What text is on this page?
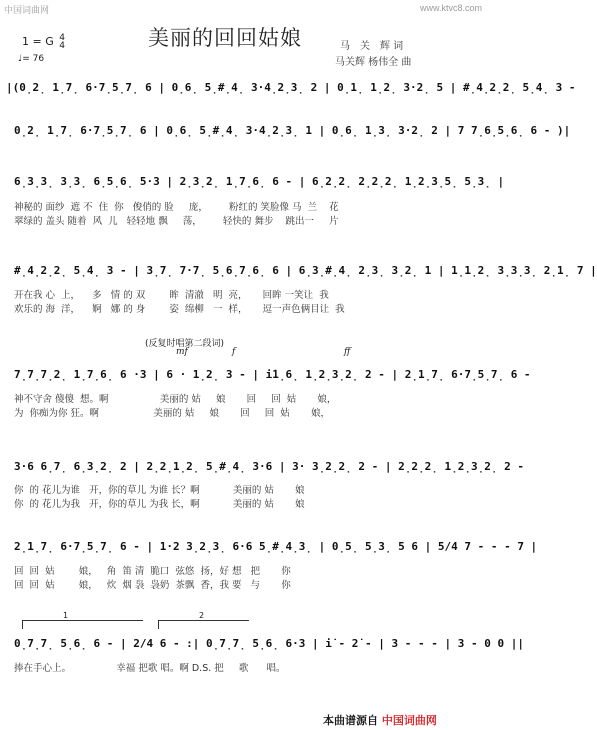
中国词曲网	www.ktvc8.com
美丽的回回姑娘
1 = G 4
4
♩= 76
马　关　辉 词
马关辉 杨伟全 曲
|(0̣2̣ 1̣7̣ 6·7̣5̣7̣ 6 | 0̣6̣ 5̣#̣4̣ 3·4̣2̣3̣ 2 | 0̣1̣ 1̣2̣ 3·2̣ 5 | #̣4̣2̣2̣ 5̣4̣ 3 -
0̣2̣ 1̣7̣ 6·7̣5̣7̣ 6 | 0̣6̣ 5̣#̣4̣ 3·4̣2̣3̣ 1 | 0̣6̣ 1̣3̣ 3·2̣ 2 | 7 7̣6̣5̣6̣ 6 - )|
6̣3̣3̣ 3̣3̣ 6̣5̣6̣ 5·3 | 2̣3̣2̣ 1̣7̣6̣ 6 - | 6̣2̣2̣ 2̣2̣2̣ 1̣2̣3̣5̣ 5̣3̣ |
神秘的 面纱  遮 不  住  你   俊俏的 脸     庞，       粉红的 笑脸像 马  兰    花
翠绿的 盖头 随着  风  儿   轻轻地 飘     荡，       轻快的 舞步    跳出一     片
#̣4̣2̣2̣ 5̣4̣ 3 - | 3̣7̣ 7·7̣ 5̣6̣7̣6̣ 6 | 6̣3̣#̣4̣ 2̣3̣ 3̣2̣ 1 | 1̣1̣2̣ 3̣3̣3̣ 2̣1̣ 7 |
开在我 心  上，    多   情 的 双        眸  清澈   明  亮，     回眸 一笑让  我
欢乐的 海  洋，    婀   娜 的 身        姿  绵柳   一  样，     逗一声色俩目让  我
(反复时唱第二段词)
mf	f	ff
7̣7̣7̣2̣ 1̣7̣6̣ 6 ·3 | 6 · 1̣2̣ 3 - | i̇1̣6̣ 1̣2̣3̣2̣ 2 - | 2̣1̣7̣ 6·7̣5̣7̣ 6 -
神不守舍 傻傻  想。啊                 美丽的 姑     娘       回     回  姑       娘，
为  你痴为你 狂。啊                  美丽的 姑     娘       回     回  姑       娘，
3·6 6̣7̣ 6̣3̣2̣ 2 | 2̣2̣1̣2̣ 5̣#̣4̣ 3·6 | 3· 3̣2̣2̣ 2 - | 2̣2̣2̣ 1̣2̣3̣2̣ 2 -
你  的 花儿为谁   开，你的草儿 为谁 长？啊           美丽的 姑       娘
你  的 花儿为我   开，你的草儿 为我 长，啊           美丽的 姑       娘
2̣1̣7̣ 6·7̣5̣7̣ 6 - | 1·2 3̣2̣3̣ 6·6 5̣#̣4̣3̣ | 0̣5̣ 5̣3̣ 5 6 | 5/4 7 - - - 7 |
回  回  姑        娘，   角  笛 清  脆口  弦悠  扬，好 想   把       你
回  回  姑        娘，   炊  烟 袅  袅奶  茶飘  香，我 要   与       你
1	2
0̣7̣7̣ 5̣6̣ 6 - | 2/4 6 - :| 0̣7̣7̣ 5̣6̣ 6·3 | i̇ - 2̇ - | 3 - - - | 3 - 0 0 ||
捧在手心上。               幸福 把歌 唱。啊 D.S. 把     歌      唱。
本曲谱源自 中国词曲网
